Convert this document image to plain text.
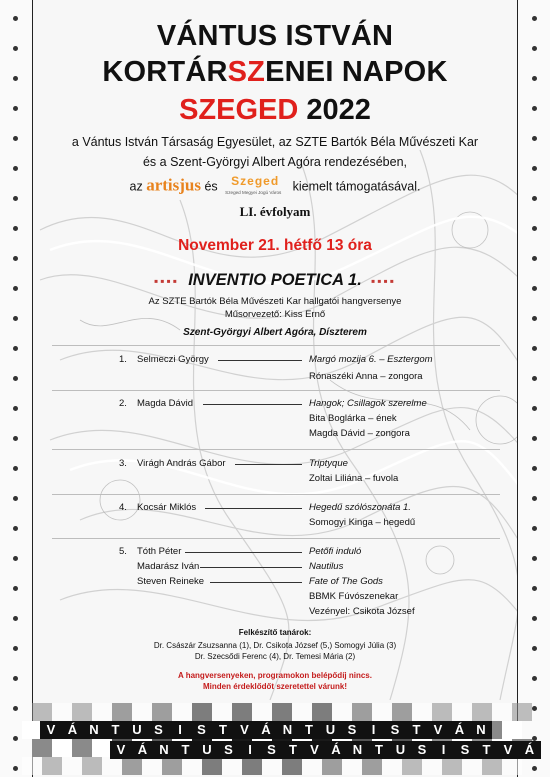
VÁNTUS ISTVÁN
KORTÁRSZENEI NAPOK
SZEGED 2022
a Vántus István Társaság Egyesület, az SZTE Bartók Béla Művészeti Kar
és a Szent-Györgyi Albert Agóra rendezésében,
az artisjus és Szeged
Szeged Megyei Jogú Város kiemelt támogatásával.
LI. évfolyam
November 21. hétfő 13 óra
▪▪▪▪ INVENTIO POETICA 1. ▪▪▪▪
Az SZTE Bartók Béla Művészeti Kar hallgatói hangversenye
Műsorvezető: Kiss Ernő
Szent-Györgyi Albert Agóra, Díszterem
1. Selmeczi György	Margó mozija 6. – Esztergom
Rónaszéki Anna – zongora
2. Magda Dávid	Hangok; Csillagok szerelme
Bita Boglárka – ének
Magda Dávid – zongora
3. Virágh András Gábor	Triptyque
Zoltai Liliána – fuvola
4. Kocsár Miklós	Hegedű szólószonáta 1.
Somogyi Kinga – hegedű
5. Tóth Péter	Petőfi induló
Madarász Iván	Nautilus
Steven Reineke	Fate of The Gods
BBMK Fúvószenekar
Vezényel: Csikota József
Felkészítő tanárok:
Dr. Császár Zsuzsanna (1), Dr. Csikota József (5,) Somogyi Júlia (3)
Dr. Szecsődi Ferenc (4), Dr. Temesi Mária (2)
A hangversenyeken, programokon belépődíj nincs.
Minden érdeklődőt szeretettel várunk!
V Á N T U S	I	S	T	V Á N T U S	I	S	T	V Á N
V Á N T U S	I	S	T	V Á N T U S	I	S	T	V Á
